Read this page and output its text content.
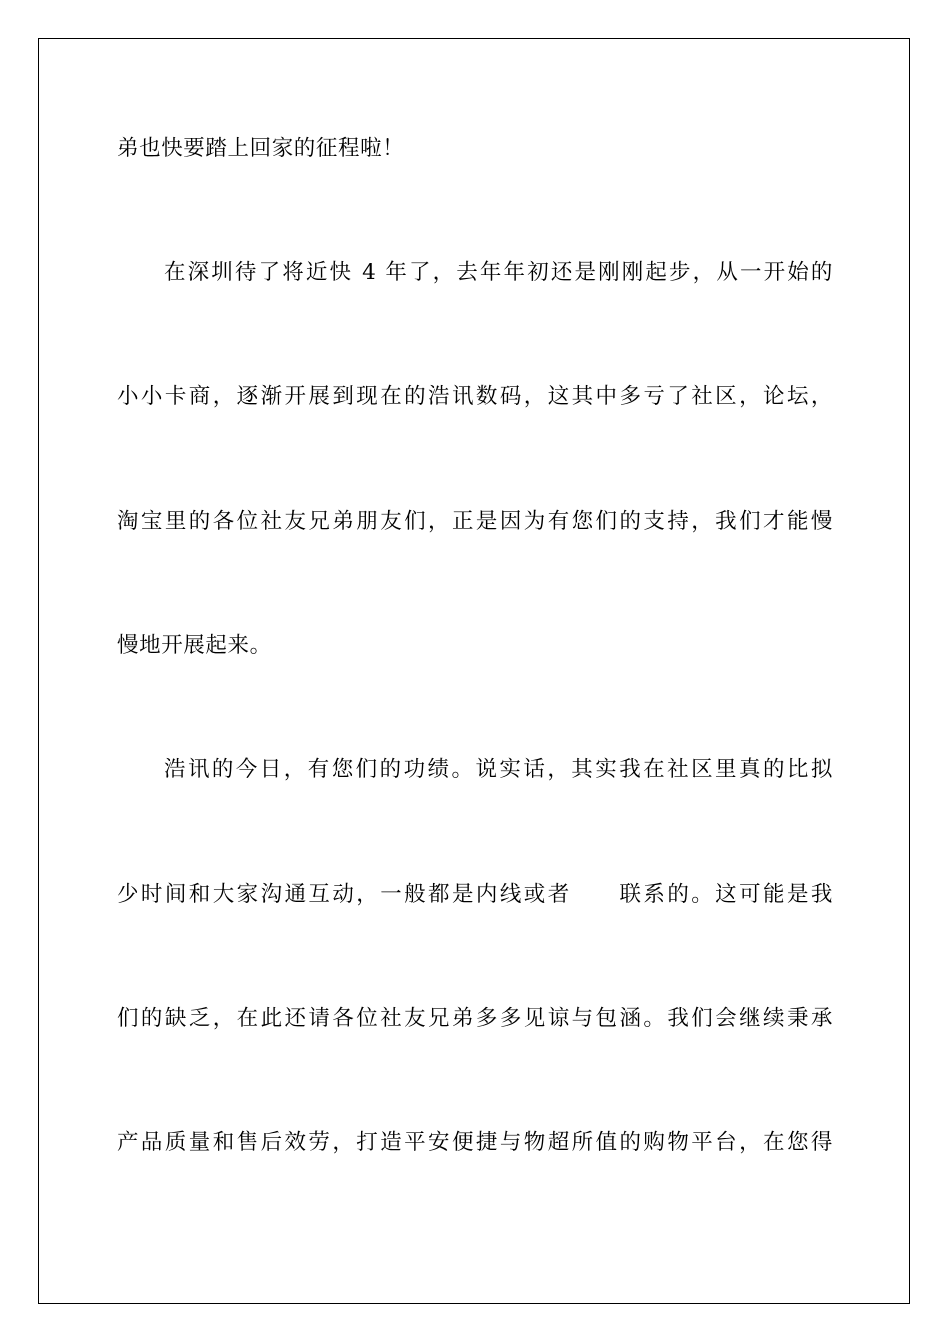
弟也快要踏上回家的征程啦！
在深圳待了将近快 4 年了，去年年初还是刚刚起步，从一开始的
小小卡商，逐渐开展到现在的浩讯数码，这其中多亏了社区，论坛，
淘宝里的各位社友兄弟朋友们，正是因为有您们的支持，我们才能慢
慢地开展起来。
浩讯的今日，有您们的功绩。说实话，其实我在社区里真的比拟
少时间和大家沟通互动，一般都是内线或者　　联系的。这可能是我
们的缺乏，在此还请各位社友兄弟多多见谅与包涵。我们会继续秉承
产品质量和售后效劳，打造平安便捷与物超所值的购物平台，在您得
